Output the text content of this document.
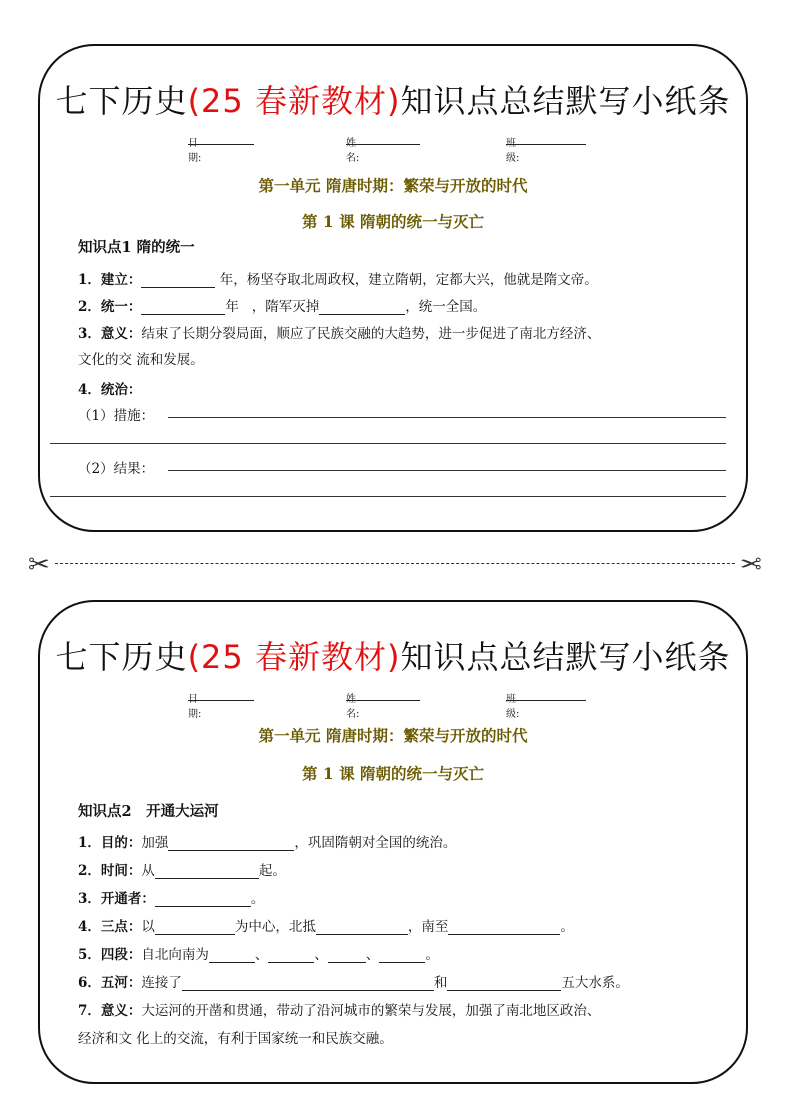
七下历史(25 春新教材)知识点总结默写小纸条
日期:
姓名:
班级:
第一单元 隋唐时期：繁荣与开放的时代
第 1 课 隋朝的统一与灭亡
知识点1 隋的统一
1．建立：	年，杨坚夺取北周政权，建立隋朝，定都大兴，他就是隋文帝。
2．统一：	年 ，隋军灭掉	，统一全国。
3．意义：结束了长期分裂局面，顺应了民族交融的大趋势，进一步促进了南北方经济、
文化的交 流和发展。
4．统治：
（1）措施：
（2）结果：
✂	✂
七下历史(25 春新教材)知识点总结默写小纸条
日期:
姓名:
班级:
第一单元 隋唐时期：繁荣与开放的时代
第 1 课 隋朝的统一与灭亡
知识点2　开通大运河
1．目的：加强	，巩固隋朝对全国的统治。
2．时间：从	起。
3．开通者：	。
4．三点：以	为中心，北抵	，南至	。
5．四段：自北向南为	、	、	、	。
6．五河：连接了	和	五大水系。
7．意义：大运河的开凿和贯通，带动了沿河城市的繁荣与发展，加强了南北地区政治、
经济和文 化上的交流，有利于国家统一和民族交融。
